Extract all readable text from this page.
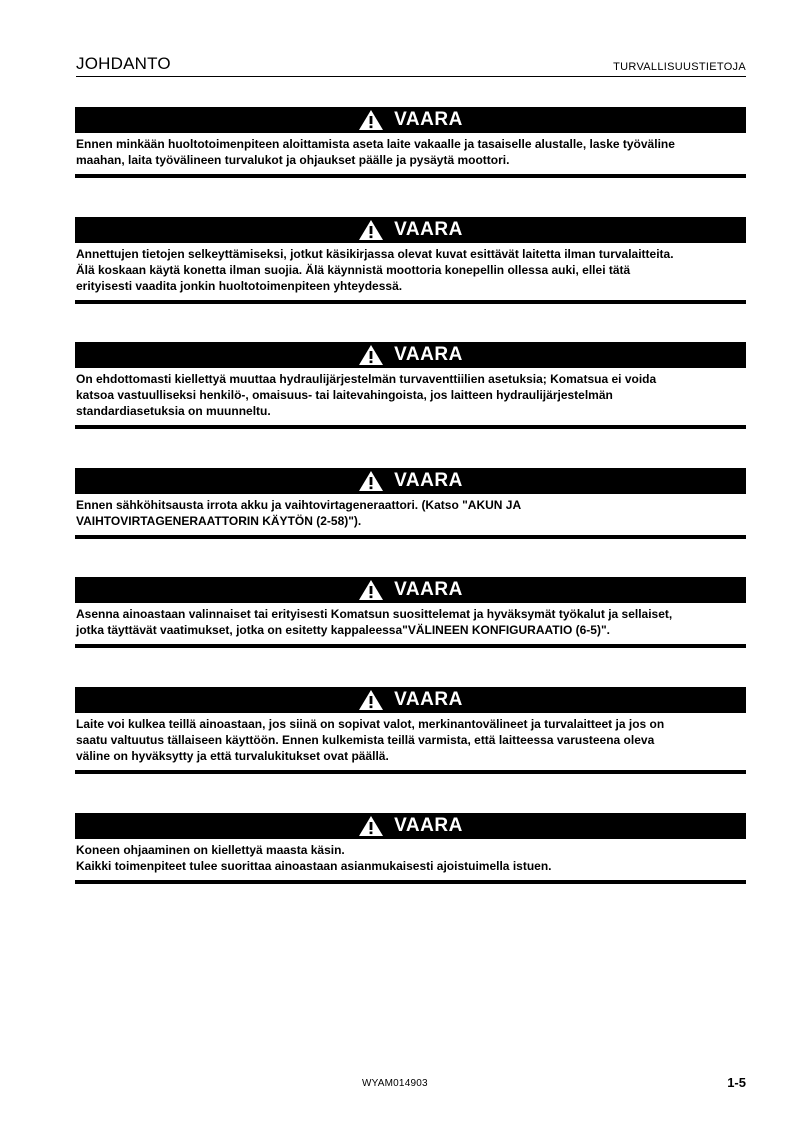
JOHDANTO	TURVALLISUUSTIETOJA
VAARA
Ennen minkään huoltotoimenpiteen aloittamista aseta laite vakaalle ja tasaiselle alustalle, laske työväline
maahan, laita työvälineen turvalukot ja ohjaukset päälle ja pysäytä moottori.
VAARA
Annettujen tietojen selkeyttämiseksi, jotkut käsikirjassa olevat kuvat esittävät laitetta ilman turvalaitteita.
Älä koskaan käytä konetta ilman suojia. Älä käynnistä moottoria konepellin ollessa auki, ellei tätä
erityisesti vaadita jonkin huoltotoimenpiteen yhteydessä.
VAARA
On ehdottomasti kiellettyä muuttaa hydraulijärjestelmän turvaventtiilien asetuksia; Komatsua ei voida
katsoa vastuulliseksi henkilö-, omaisuus- tai laitevahingoista, jos laitteen hydraulijärjestelmän
standardiasetuksia on muunneltu.
VAARA
Ennen sähköhitsausta irrota akku ja vaihtovirtageneraattori. (Katso "AKUN JA
VAIHTOVIRTAGENERAATTORIN KÄYTÖN (2-58)").
VAARA
Asenna ainoastaan valinnaiset tai erityisesti Komatsun suosittelemat ja hyväksymät työkalut ja sellaiset,
jotka täyttävät vaatimukset, jotka on esitetty kappaleessa"VÄLINEEN KONFIGURAATIO (6-5)".
VAARA
Laite voi kulkea teillä ainoastaan, jos siinä on sopivat valot, merkinantovälineet ja turvalaitteet ja jos on
saatu valtuutus tällaiseen käyttöön. Ennen kulkemista teillä varmista, että laitteessa varusteena oleva
väline on hyväksytty ja että turvalukitukset ovat päällä.
VAARA
Koneen ohjaaminen on kiellettyä maasta käsin.
Kaikki toimenpiteet tulee suorittaa ainoastaan asianmukaisesti ajoistuimella istuen.
WYAM014903	1-5
